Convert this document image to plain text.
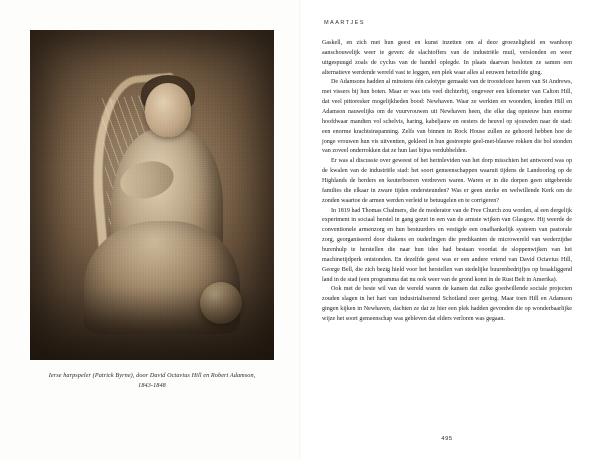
Ierse harpspeler (Patrick Byrne), door David Octavius Hill en Robert Adamson,
1843-1848
MAARTJES

Gaskell, en zich met hun geest en kunst inzetten om al deze groezeligheid en wanhoop aanschouwelijk weer te geven: de slachtoffers van de industriële muil, verslonden en weer uitgespuugd zoals de cyclus van de handel oplegde. In plaats daarvan besloten ze samen een alternatieve werdende wereld vast te leggen, een plek waar alles al eeuwen hetzelfde ging.

De Adamsons hadden al minstens één calotype gemaakt van de troosteloze haven van St Andrews, met vissers bij hun boten. Maar er was iets veel dichterbij, ongeveer een kilometer van Calton Hill, dat veel pittoresker mogelijkheden bood: Newhaven. Waar ze werkten en woonden, konden Hill en Adamson nauwelijks om de vuurvrouwen uit Newhaven heen, die elke dag opnieuw hun enorme hoofdwaar mandten vol schelvis, haring, kabeljauw en oesters de heuvel op sjouwden naar de stad: een enorme krachtsinspanning. Zelfs van binnen in Rock House zullen ze gehoord hebben hoe de jonge vrouwen hun vis uitventten, gekleed in hun gestreepte geel-met-blauwe rokken die bol stonden van zoveel onderrokken dat ze hun last bijna verdubbelden.

Er was al discussie over geweest of het herinleviden van het dorp misschien het antwoord was op de kwalen van de industriële stad: het soort gemeenschappen waaruit tijdens de Landoorlog op de Highlands de herders en keuterboeren verdreven waren. Waren er in die dorpen geen uitgebreide families die elkaar in zware tijden ondersteunden? Was er geen sterke en welwillende Kerk om de zonden waartoe de armen werden verleid te betuugelen en te corrigeren?

In 1819 had Thomas Chalmers, die de moderator van de Free Church zou worden, al een dergelijk experiment in sociaal herstel in gang gezet in een van de armste wijken van Glasgow. Hij weerde de conventionele armenzorg en hun bestuurders en vestigde een onafhankelijk systeem van pastorale zorg, georganiseerd door diakens en ouderlingen die predikanten de microwereld van wederzijdse burenhulp te herstellen die naar hun idee had bestaan voordat de sloppenwijken van het machinetijdperk ontstonden. En dezelfde geest was er een andere vriend van David Octavius Hill, George Bell, die zich bezig hield voor het herstellen van stedelijke buurenbedrijfjes op braakliggend land in de stad (een programma dat nu ook weer van de grond komt in de Rust Belt in Amerika).

Ook met de beste wil van de wereld waren de kansen dat zulke goedwillende sociale projecten zouden slagen in het hart van industrialiserend Schotland zeer gering. Maar toen Hill en Adamson gingen kijken in Newhaven, dachten ze dat ze hier een plek hadden gevonden die op wonderbaarlijke wijze het soort gemeenschap was gebleven dat elders verloren was gegaan.

495
